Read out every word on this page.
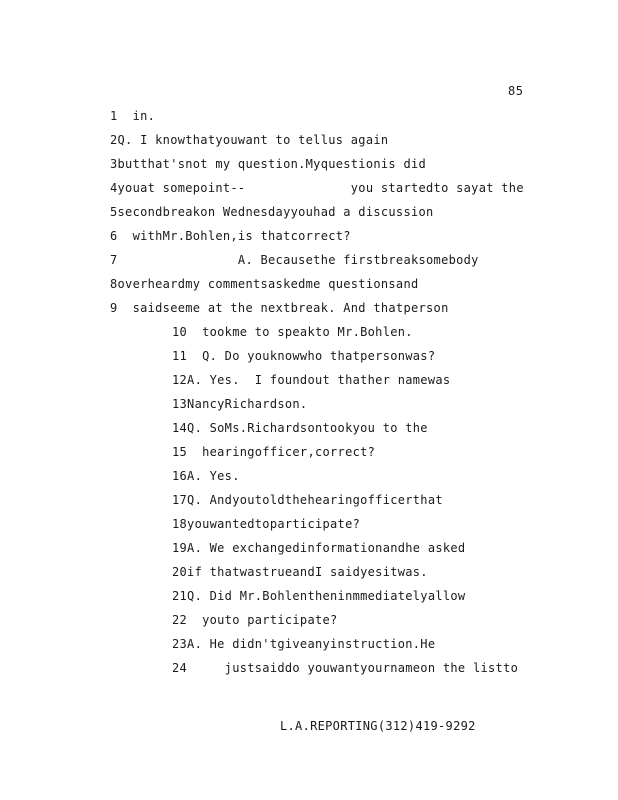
85
1  in.
2Q. I knowthatyouwant to tellus again
3butthat'snot my question.Myquestionis did
4youat somepoint--              you startedto sayat the
5secondbreakon Wednesdayyouhad a discussion
6  withMr.Bohlen,is thatcorrect?
7                A. Becausethe firstbreaksomebody
8overheardmy commentsaskedme questionsand
9  saidseeme at the nextbreak. And thatperson
10  tookme to speakto Mr.Bohlen.
11  Q. Do youknowwho thatpersonwas?
12A. Yes.  I foundout thather namewas
13NancyRichardson.
14Q. SoMs.Richardsontookyou to the
15  hearingofficer,correct?
16A. Yes.
17Q. Andyoutoldthehearingofficerthat
18youwantedtoparticipate?
19A. We exchangedinformationandhe asked
20if thatwastrueandI saidyesitwas.
21Q. Did Mr.Bohlentheninmmediatelyallow
22  youto participate?
23A. He didn'tgiveanyinstruction.He
24     justsaiddo youwantyournameon the listto
L.A.REPORTING(312)419-9292
